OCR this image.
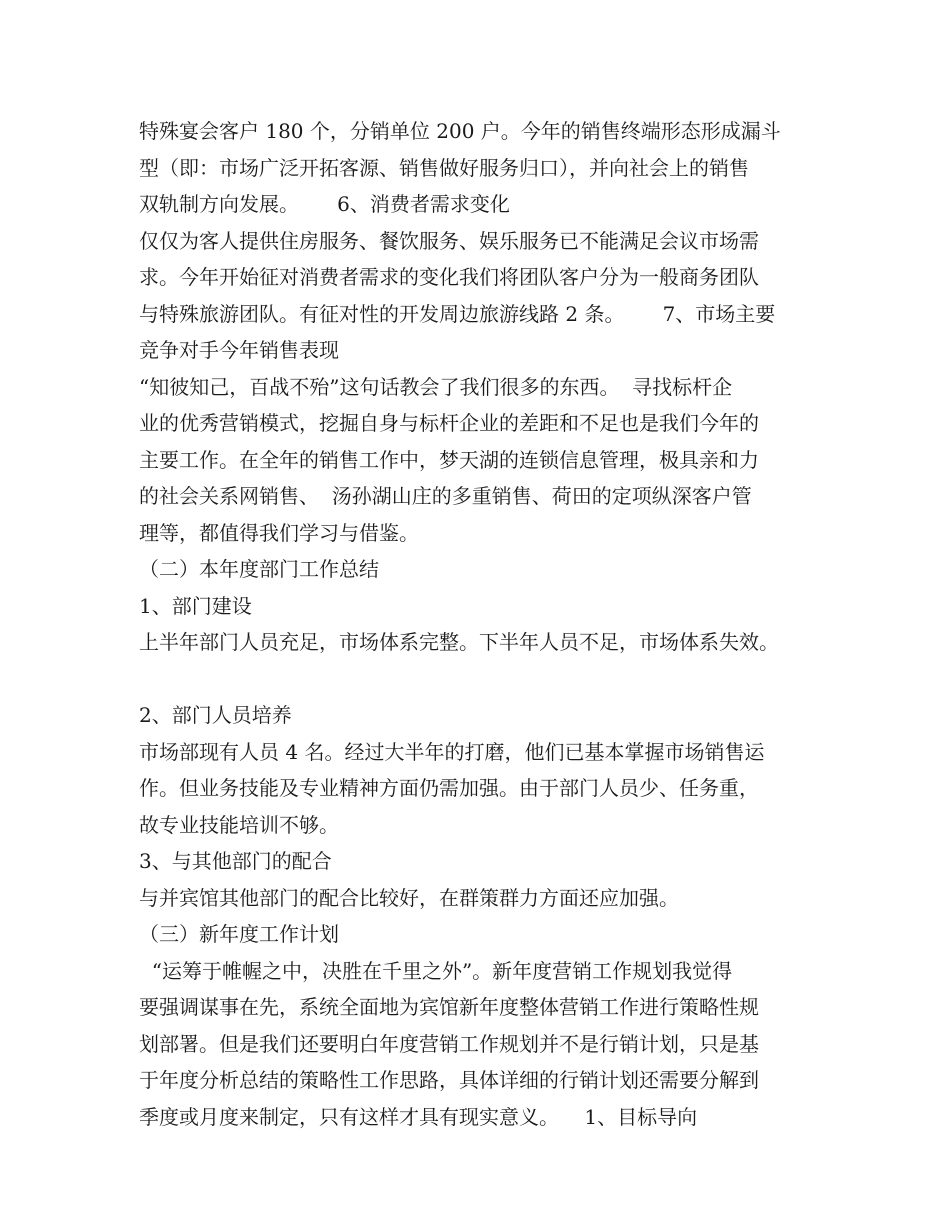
特殊宴会客户 180 个，分销单位 200 户。今年的销售终端形态形成漏斗
型（即：市场广泛开拓客源、销售做好服务归口），并向社会上的销售
双轨制方向发展。      6、消费者需求变化
仅仅为客人提供住房服务、餐饮服务、娱乐服务已不能满足会议市场需
求。今年开始征对消费者需求的变化我们将团队客户分为一般商务团队
与特殊旅游团队。有征对性的开发周边旅游线路 2 条。      7、市场主要
竞争对手今年销售表现
“知彼知己，百战不殆”这句话教会了我们很多的东西。  寻找标杆企
业的优秀营销模式，挖掘自身与标杆企业的差距和不足也是我们今年的
主要工作。在全年的销售工作中，梦天湖的连锁信息管理，极具亲和力
的社会关系网销售、  汤孙湖山庄的多重销售、荷田的定项纵深客户管
理等，都值得我们学习与借鉴。
（二）本年度部门工作总结
1、部门建设
上半年部门人员充足，市场体系完整。下半年人员不足，市场体系失效。
2、部门人员培养
市场部现有人员 4 名。经过大半年的打磨，他们已基本掌握市场销售运
作。但业务技能及专业精神方面仍需加强。由于部门人员少、任务重，
故专业技能培训不够。
3、与其他部门的配合
与并宾馆其他部门的配合比较好，在群策群力方面还应加强。
（三）新年度工作计划
“运筹于帷幄之中，决胜在千里之外”。新年度营销工作规划我觉得
要强调谋事在先，系统全面地为宾馆新年度整体营销工作进行策略性规
划部署。但是我们还要明白年度营销工作规划并不是行销计划，只是基
于年度分析总结的策略性工作思路，具体详细的行销计划还需要分解到
季度或月度来制定，只有这样才具有现实意义。    1、目标导向
